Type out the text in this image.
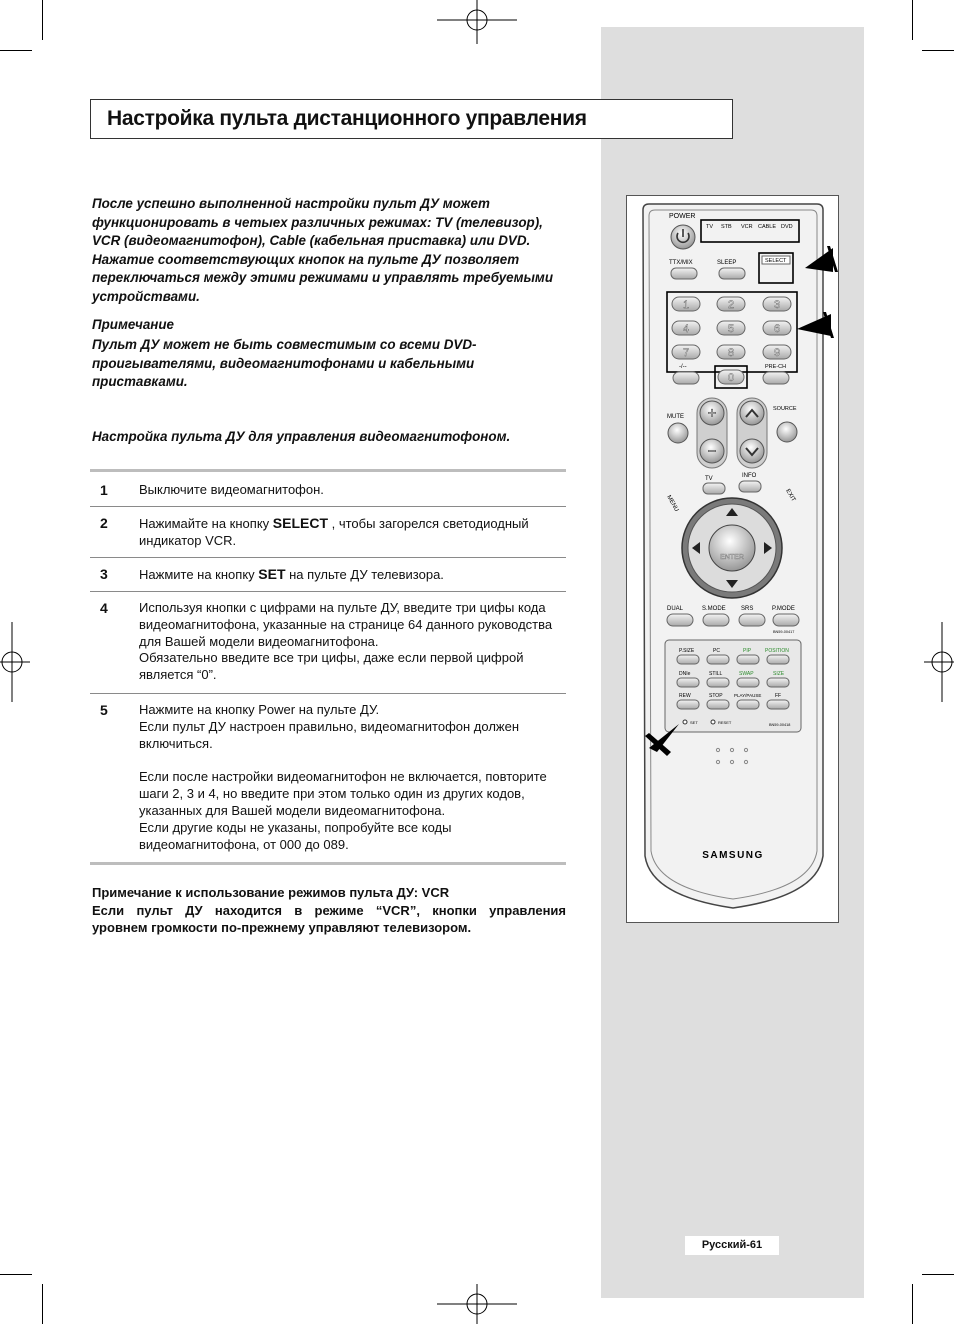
Настройка пульта дистанционного управления
После успешно выполненной настройки пульт ДУ может функционировать в четыех различных режимах: TV (телевизор), VCR (видеомагнитофон), Cable (кабельная приставка) или DVD. Нажатие соответствующих кнопок на пульте ДУ позволяет переключаться между этими режимами и управлять требуемыми устройствами.
Примечание
Пульт ДУ может не быть совместимым со всеми DVD-проигывателями, видеомагнитофонами и кабельными приставками.
Настройка пульта ДУ для управления видеомагнитофоном.
1 Выключите видеомагнитофон.
2 Нажимайте на кнопку SELECT , чтобы загорелся светодиодный индикатор VCR.
3 Нажмите на кнопку SET на пульте ДУ телевизора.
4 Используя кнопки с цифрами на пульте ДУ, введите три цифы кода видеомагнитофона, указанные на странице 64 данного руководства для Вашей модели видеомагнитофона.
Обязательно введите все три цифы, даже если первой цифрой является “0”.
5 Нажмите на кнопку Power на пульте ДУ.
Если пульт ДУ настроен правильно, видеомагнитофон должен включиться.
Если после настройки видеомагнитофон не включается, повторите шаги 2, 3 и 4, но введите при этом только один из других кодов, указанных для Вашей модели видеомагнитофона.
Если другие коды не указаны, попробуйте все коды видеомагнитофона, от 000 до 089.
Примечание к использование режимов пульта ДУ: VCR
Если пульт ДУ находится в режиме “VCR”, кнопки управления
уровнем громкости по-прежнему управляют телевизором.
Русский-61
POWER
TV STB VCR CABLE DVD
TTX/MIX	SLEEP	SELECT
1	2	3
4	5	6
7	8	9
-/--	PRE-CH
0
+
−
MUTE
SOURCE
TV	INFO
MENU	EXIT
ENTER
DUAL	S.MODE	SRS	P.MODE
BN59-00417
P.SIZE	PC	PIP	POSITION
DNIe	STILL	SWAP	SIZE
REW	STOP	PLAY/PAUSE	FF
SET	RESET	BN59-00418
SAMSUNG
